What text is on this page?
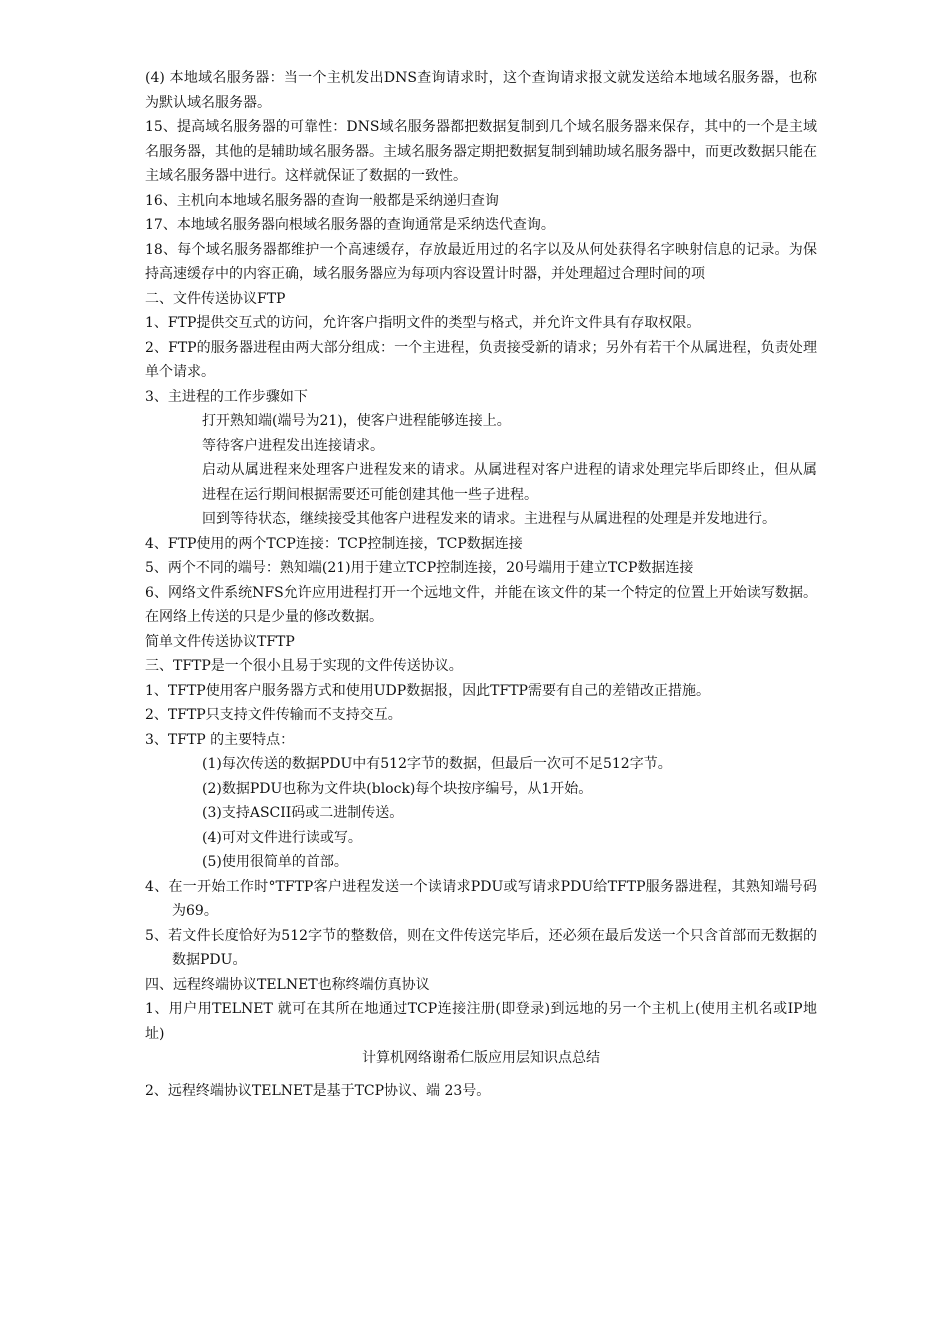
(4) 本地域名服务器：当一个主机发出DNS查询请求时，这个查询请求报文就发送给本地域名服务器，也称为默认域名服务器。

15、提高域名服务器的可靠性：DNS域名服务器都把数据复制到几个域名服务器来保存，其中的一个是主域名服务器，其他的是辅助域名服务器。主域名服务器定期把数据复制到辅助域名服务器中，而更改数据只能在主域名服务器中进行。这样就保证了数据的一致性。

16、主机向本地域名服务器的查询一般都是采纳递归查询

17、本地域名服务器向根域名服务器的查询通常是采纳迭代查询。

18、每个域名服务器都维护一个高速缓存，存放最近用过的名字以及从何处获得名字映射信息的记录。为保持高速缓存中的内容正确，域名服务器应为每项内容设置计时器，并处理超过合理时间的项

二、文件传送协议FTP

1、FTP提供交互式的访问，允许客户指明文件的类型与格式，并允许文件具有存取权限。

2、FTP的服务器进程由两大部分组成：一个主进程，负责接受新的请求；另外有若干个从属进程，负责处理单个请求。

3、主进程的工作步骤如下

打开熟知端(端号为21)，使客户进程能够连接上。

等待客户进程发出连接请求。

启动从属进程来处理客户进程发来的请求。从属进程对客户进程的请求处理完毕后即终止，但从属进程在运行期间根据需要还可能创建其他一些子进程。

回到等待状态，继续接受其他客户进程发来的请求。主进程与从属进程的处理是并发地进行。

4、FTP使用的两个TCP连接：TCP控制连接，TCP数据连接

5、两个不同的端号：熟知端(21)用于建立TCP控制连接，20号端用于建立TCP数据连接

6、网络文件系统NFS允许应用进程打开一个远地文件，并能在该文件的某一个特定的位置上开始读写数据。在网络上传送的只是少量的修改数据。

简单文件传送协议TFTP

三、TFTP是一个很小且易于实现的文件传送协议。

1、TFTP使用客户服务器方式和使用UDP数据报，因此TFTP需要有自己的差错改正措施。

2、TFTP只支持文件传输而不支持交互。

3、TFTP 的主要特点：

(1)每次传送的数据PDU中有512字节的数据，但最后一次可不足512字节。

(2)数据PDU也称为文件块(block)每个块按序编号，从1开始。

(3)支持ASCII码或二进制传送。

(4)可对文件进行读或写。

(5)使用很简单的首部。

4、在一开始工作时°TFTP客户进程发送一个读请求PDU或写请求PDU给TFTP服务器进程，其熟知端号码为69。

5、若文件长度恰好为512字节的整数倍，则在文件传送完毕后，还必须在最后发送一个只含首部而无数据的数据PDU。

四、远程终端协议TELNET也称终端仿真协议

1、用户用TELNET 就可在其所在地通过TCP连接注册(即登录)到远地的另一个主机上(使用主机名或IP地址)

计算机网络谢希仁版应用层知识点总结

2、远程终端协议TELNET是基于TCP协议、端 23号。
